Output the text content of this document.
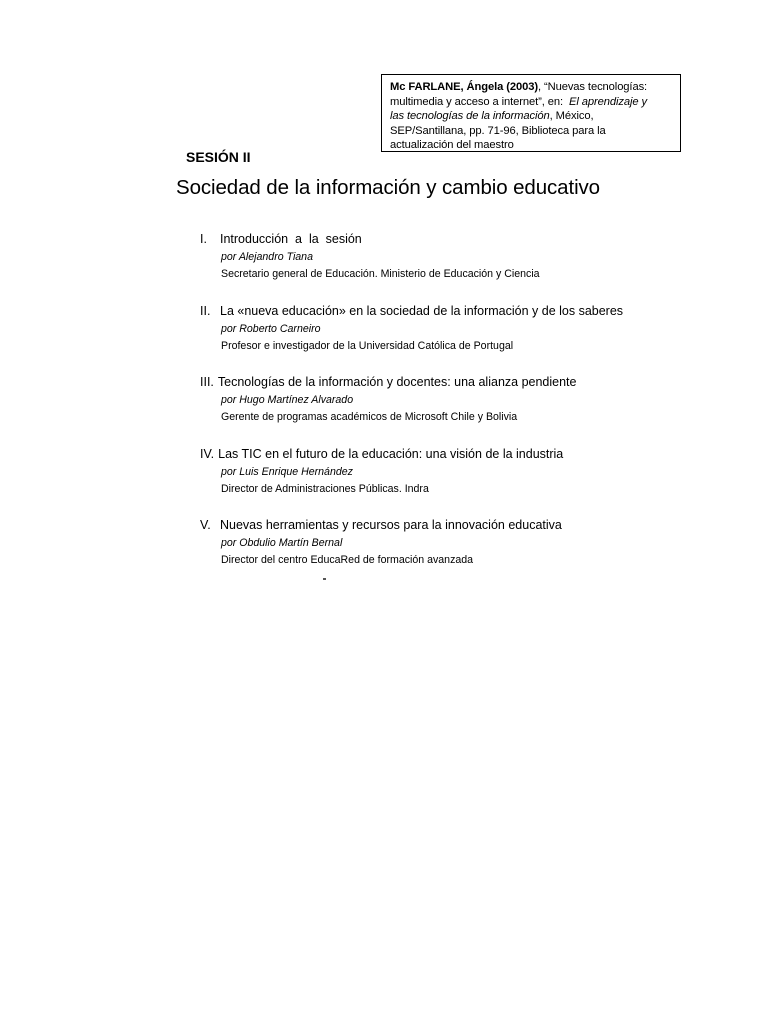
Mc FARLANE, Ángela (2003), “Nuevas tecnologías:
multimedia y acceso a internet”, en: El aprendizaje y
las tecnologías de la información, México,
SEP/Santillana, pp. 71-96, Biblioteca para la
actualización del maestro
SESIÓN II
Sociedad de la información y cambio educativo
I. Introducción  a  la  sesión
por Alejandro Tiana
Secretario general de Educación. Ministerio de Educación y Ciencia
II. La «nueva educación» en la sociedad de la información y de los saberes
por Roberto Carneiro
Profesor e investigador de la Universidad Católica de Portugal
III. Tecnologías de la información y docentes: una alianza pendiente
por Hugo Martínez Alvarado
Gerente de programas académicos de Microsoft Chile y Bolivia
IV. Las TIC en el futuro de la educación: una visión de la industria
por Luis Enrique Hernández
Director de Administraciones Públicas. Indra
V. Nuevas herramientas y recursos para la innovación educativa
por Obdulio Martín Bernal
Director del centro EducaRed de formación avanzada
